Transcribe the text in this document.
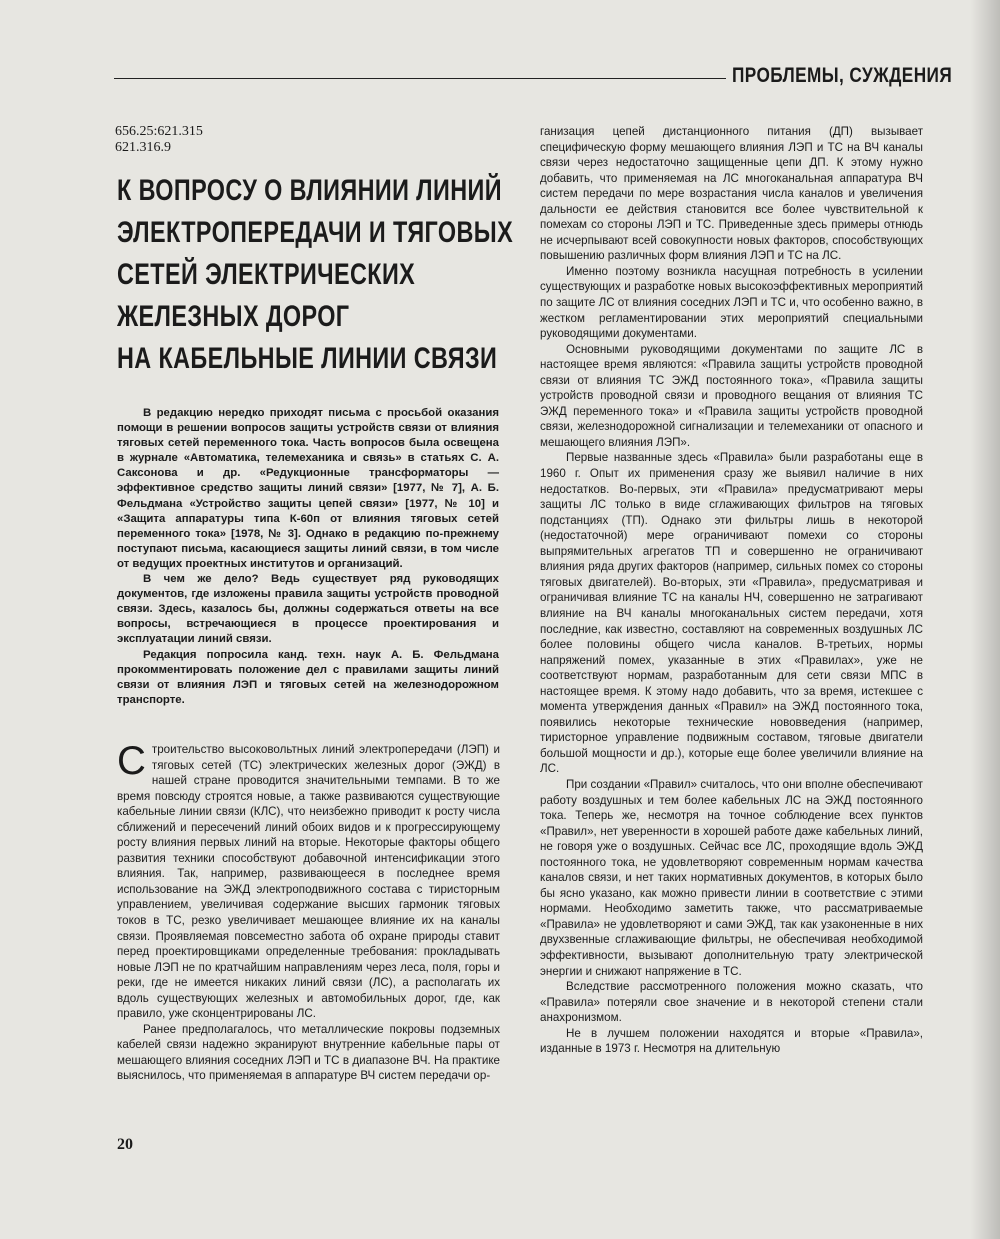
ПРОБЛЕМЫ, СУЖДЕНИЯ
656.25:621.315
621.316.9
К ВОПРОСУ О ВЛИЯНИИ ЛИНИЙ
ЭЛЕКТРОПЕРЕДАЧИ И ТЯГОВЫХ
СЕТЕЙ ЭЛЕКТРИЧЕСКИХ
ЖЕЛЕЗНЫХ ДОРОГ
НА КАБЕЛЬНЫЕ ЛИНИИ СВЯЗИ

В редакцию нередко приходят письма с просьбой оказания помощи в решении вопросов защиты устройств связи от влияния тяговых сетей переменного тока. Часть вопросов была освещена в журнале «Автоматика, телемеханика и связь» в статьях С. А. Саксонова и др. «Редукционные трансформаторы — эффективное средство защиты линий связи» [1977, № 7], А. Б. Фельдмана «Устройство защиты цепей связи» [1977, № 10] и «Защита аппаратуры типа К-60п от влияния тяговых сетей переменного тока» [1978, № 3]. Однако в редакцию по-прежнему поступают письма, касающиеся защиты линий связи, в том числе от ведущих проектных институтов и организаций.

В чем же дело? Ведь существует ряд руководящих документов, где изложены правила защиты устройств проводной связи. Здесь, казалось бы, должны содержаться ответы на все вопросы, встречающиеся в процессе проектирования и эксплуатации линий связи.

Редакция попросила канд. техн. наук А. Б. Фельдмана прокомментировать положение дел с правилами защиты линий связи от влияния ЛЭП и тяговых сетей на железнодорожном транспорте.

Строительство высоковольтных линий электропередачи (ЛЭП) и тяговых сетей (ТС) электрических железных дорог (ЭЖД) в нашей стране проводится значительными темпами. В то же время повсюду строятся новые, а также развиваются существующие кабельные линии связи (КЛС), что неизбежно приводит к росту числа сближений и пересечений линий обоих видов и к прогрессирующему росту влияния первых линий на вторые. Некоторые факторы общего развития техники способствуют добавочной интенсификации этого влияния. Так, например, развивающееся в последнее время использование на ЭЖД электроподвижного состава с тиристорным управлением, увеличивая содержание высших гармоник тяговых токов в ТС, резко увеличивает мешающее влияние их на каналы связи. Проявляемая повсеместно забота об охране природы ставит перед проектировщиками определенные требования: прокладывать новые ЛЭП не по кратчайшим направлениям через леса, поля, горы и реки, где не имеется никаких линий связи (ЛС), а располагать их вдоль существующих железных и автомобильных дорог, где, как правило, уже сконцентрированы ЛС.

Ранее предполагалось, что металлические покровы подземных кабелей связи надежно экранируют внутренние кабельные пары от мешающего влияния соседних ЛЭП и ТС в диапазоне ВЧ. На практике выяснилось, что применяемая в аппаратуре ВЧ систем передачи ор-

ганизация цепей дистанционного питания (ДП) вызывает специфическую форму мешающего влияния ЛЭП и ТС на ВЧ каналы связи через недостаточно защищенные цепи ДП. К этому нужно добавить, что применяемая на ЛС многоканальная аппаратура ВЧ систем передачи по мере возрастания числа каналов и увеличения дальности ее действия становится все более чувствительной к помехам со стороны ЛЭП и ТС. Приведенные здесь примеры отнюдь не исчерпывают всей совокупности новых факторов, способствующих повышению различных форм влияния ЛЭП и ТС на ЛС.

Именно поэтому возникла насущная потребность в усилении существующих и разработке новых высокоэффективных мероприятий по защите ЛС от влияния соседних ЛЭП и ТС и, что особенно важно, в жестком регламентировании этих мероприятий специальными руководящими документами.

Основными руководящими документами по защите ЛС в настоящее время являются: «Правила защиты устройств проводной связи от влияния ТС ЭЖД постоянного тока», «Правила защиты устройств проводной связи и проводного вещания от влияния ТС ЭЖД переменного тока» и «Правила защиты устройств проводной связи, железнодорожной сигнализации и телемеханики от опасного и мешающего влияния ЛЭП».

Первые названные здесь «Правила» были разработаны еще в 1960 г. Опыт их применения сразу же выявил наличие в них недостатков. Во-первых, эти «Правила» предусматривают меры защиты ЛС только в виде сглаживающих фильтров на тяговых подстанциях (ТП). Однако эти фильтры лишь в некоторой (недостаточной) мере ограничивают помехи со стороны выпрямительных агрегатов ТП и совершенно не ограничивают влияния ряда других факторов (например, сильных помех со стороны тяговых двигателей). Во-вторых, эти «Правила», предусматривая и ограничивая влияние ТС на каналы НЧ, совершенно не затрагивают влияние на ВЧ каналы многоканальных систем передачи, хотя последние, как известно, составляют на современных воздушных ЛС более половины общего числа каналов. В-третьих, нормы напряжений помех, указанные в этих «Правилах», уже не соответствуют нормам, разработанным для сети связи МПС в настоящее время. К этому надо добавить, что за время, истекшее с момента утверждения данных «Правил» на ЭЖД постоянного тока, появились некоторые технические нововведения (например, тиристорное управление подвижным составом, тяговые двигатели большой мощности и др.), которые еще более увеличили влияние на ЛС.

При создании «Правил» считалось, что они вполне обеспечивают работу воздушных и тем более кабельных ЛС на ЭЖД постоянного тока. Теперь же, несмотря на точное соблюдение всех пунктов «Правил», нет уверенности в хорошей работе даже кабельных линий, не говоря уже о воздушных. Сейчас все ЛС, проходящие вдоль ЭЖД постоянного тока, не удовлетворяют современным нормам качества каналов связи, и нет таких нормативных документов, в которых было бы ясно указано, как можно привести линии в соответствие с этими нормами. Необходимо заметить также, что рассматриваемые «Правила» не удовлетворяют и сами ЭЖД, так как узаконенные в них двухзвенные сглаживающие фильтры, не обеспечивая необходимой эффективности, вызывают дополнительную трату электрической энергии и снижают напряжение в ТС.

Вследствие рассмотренного положения можно сказать, что «Правила» потеряли свое значение и в некоторой степени стали анахронизмом.

Не в лучшем положении находятся и вторые «Правила», изданные в 1973 г. Несмотря на длительную

20
